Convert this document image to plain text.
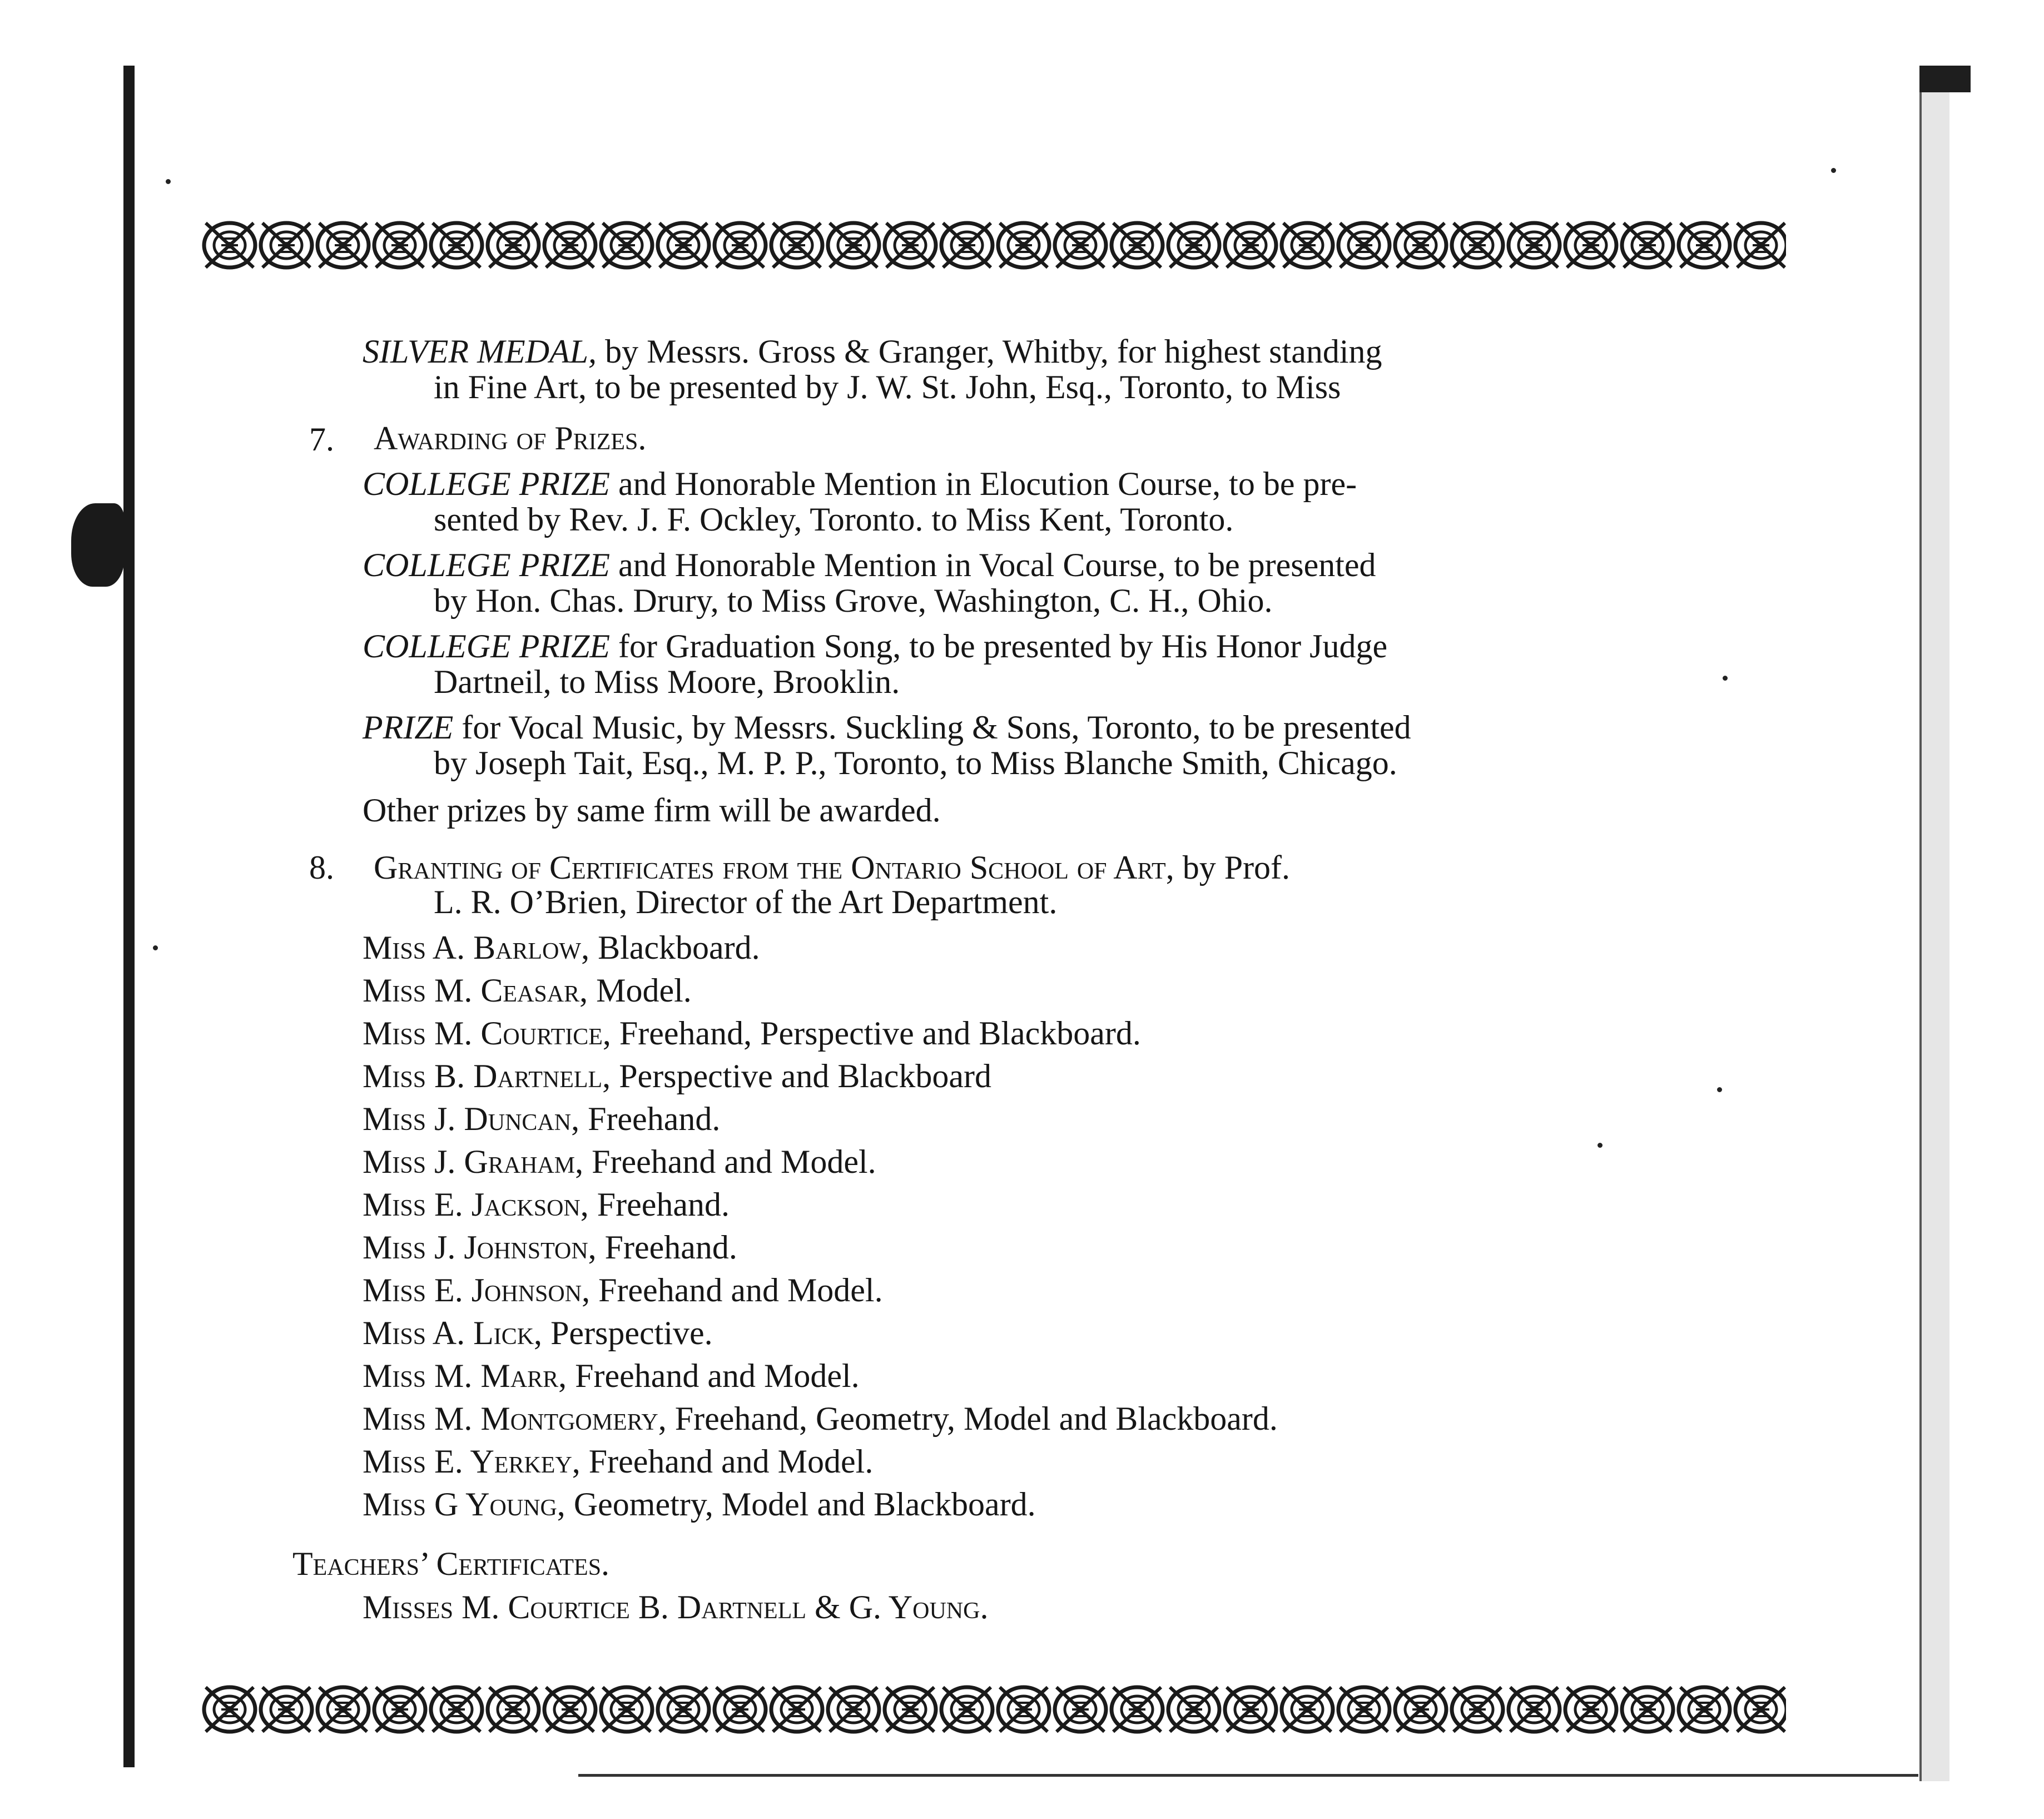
SILVER MEDAL, by Messrs. Gross & Granger, Whitby, for highest standing
in Fine Art, to be presented by J. W. St. John, Esq., Toronto, to Miss
7. Awarding of Prizes.
COLLEGE PRIZE and Honorable Mention in Elocution Course, to be pre-
sented by Rev. J. F. Ockley, Toronto. to Miss Kent, Toronto.
COLLEGE PRIZE and Honorable Mention in Vocal Course, to be presented
by Hon. Chas. Drury, to Miss Grove, Washington, C. H., Ohio.
COLLEGE PRIZE for Graduation Song, to be presented by His Honor Judge
Dartneil, to Miss Moore, Brooklin.
PRIZE for Vocal Music, by Messrs. Suckling & Sons, Toronto, to be presented
by Joseph Tait, Esq., M. P. P., Toronto, to Miss Blanche Smith, Chicago.
Other prizes by same firm will be awarded.
8. Granting of Certificates from the Ontario School of Art, by Prof.
L. R. O’Brien, Director of the Art Department.
Miss A. Barlow, Blackboard.
Miss M. Ceasar, Model.
Miss M. Courtice, Freehand, Perspective and Blackboard.
Miss B. Dartnell, Perspective and Blackboard
Miss J. Duncan, Freehand.
Miss J. Graham, Freehand and Model.
Miss E. Jackson, Freehand.
Miss J. Johnston, Freehand.
Miss E. Johnson, Freehand and Model.
Miss A. Lick, Perspective.
Miss M. Marr, Freehand and Model.
Miss M. Montgomery, Freehand, Geometry, Model and Blackboard.
Miss E. Yerkey, Freehand and Model.
Miss G Young, Geometry, Model and Blackboard.
Teachers’ Certificates.
Misses M. Courtice B. Dartnell & G. Young.
